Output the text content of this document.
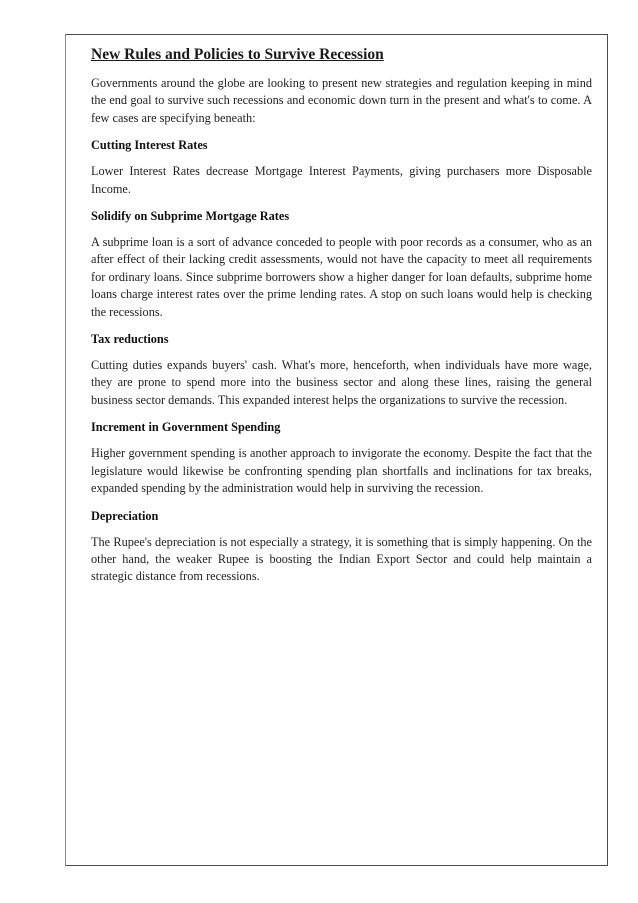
New Rules and Policies to Survive Recession

Governments around the globe are looking to present new strategies and regulation keeping in mind the end goal to survive such recessions and economic down turn in the present and what's to come. A few cases are specifying beneath:

Cutting Interest Rates

Lower Interest Rates decrease Mortgage Interest Payments, giving purchasers more Disposable Income.

Solidify on Subprime Mortgage Rates

A subprime loan is a sort of advance conceded to people with poor records as a consumer, who as an after effect of their lacking credit assessments, would not have the capacity to meet all requirements for ordinary loans. Since subprime borrowers show a higher danger for loan defaults, subprime home loans charge interest rates over the prime lending rates. A stop on such loans would help is checking the recessions.

Tax reductions

Cutting duties expands buyers' cash. What's more, henceforth, when individuals have more wage, they are prone to spend more into the business sector and along these lines, raising the general business sector demands. This expanded interest helps the organizations to survive the recession.

Increment in Government Spending

Higher government spending is another approach to invigorate the economy. Despite the fact that the legislature would likewise be confronting spending plan shortfalls and inclinations for tax breaks, expanded spending by the administration would help in surviving the recession.

Depreciation

The Rupee's depreciation is not especially a strategy, it is something that is simply happening. On the other hand, the weaker Rupee is boosting the Indian Export Sector and could help maintain a strategic distance from recessions.
